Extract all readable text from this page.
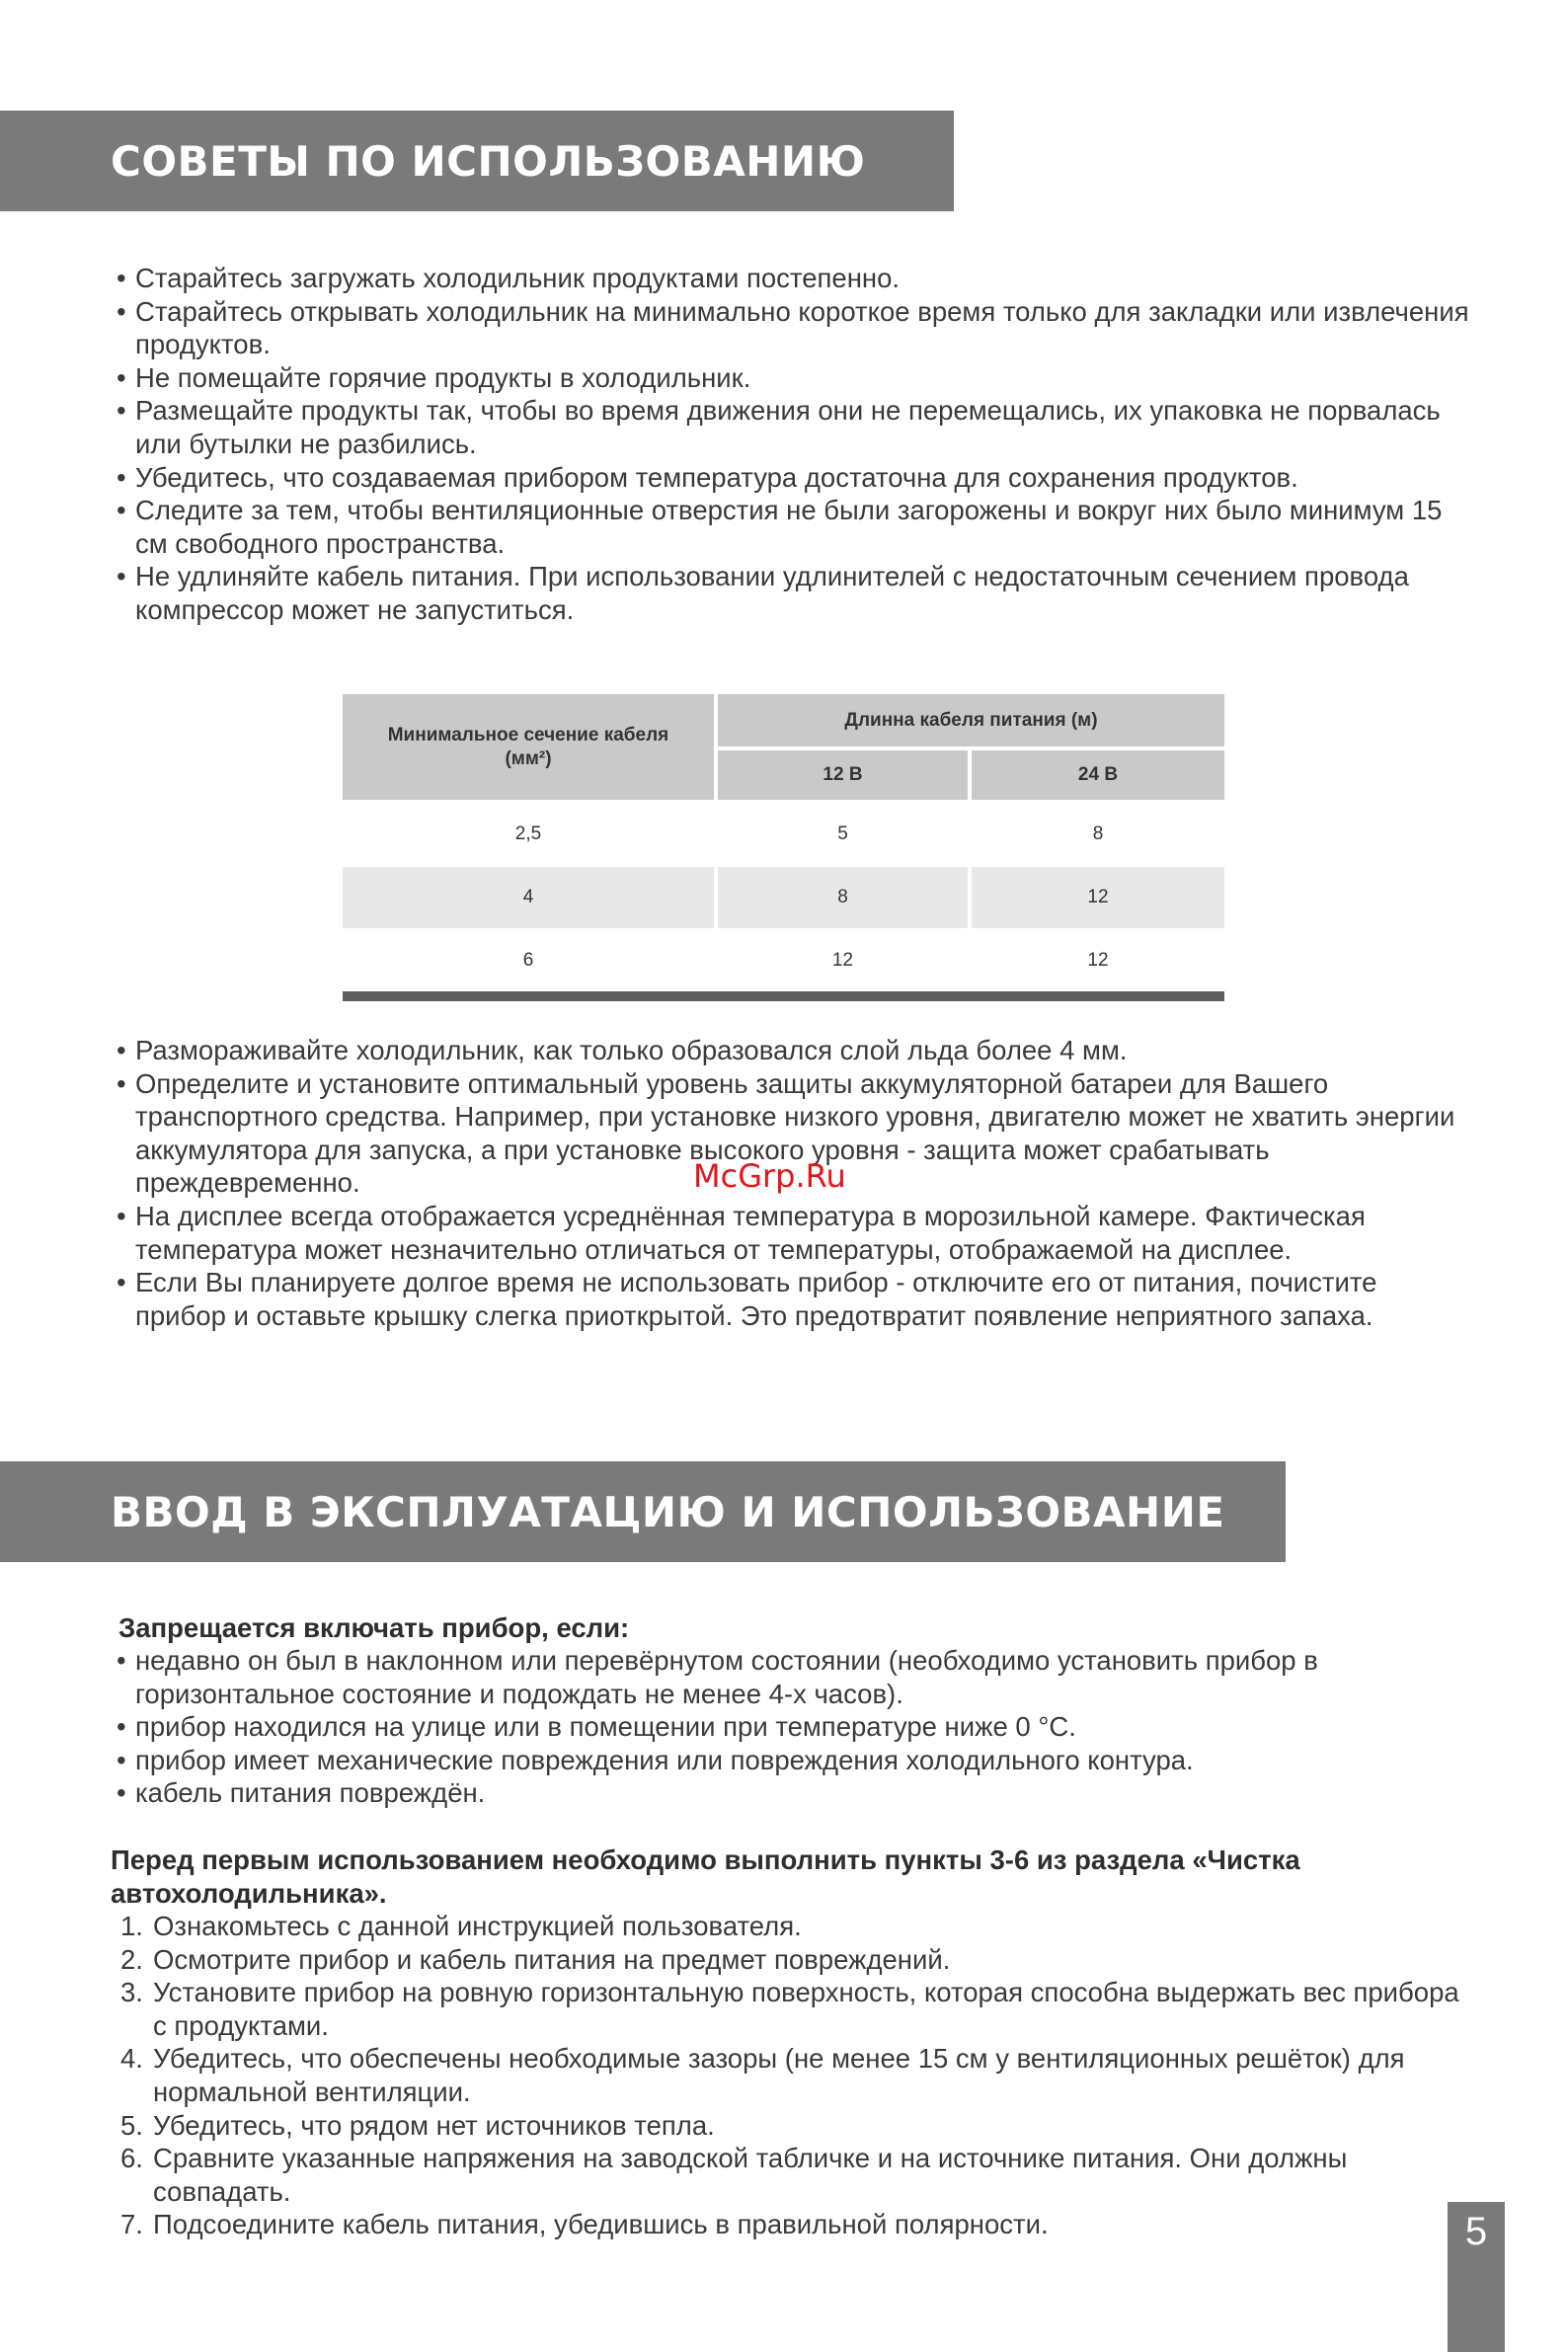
СОВЕТЫ ПО ИСПОЛЬЗОВАНИЮ
• Старайтесь загружать холодильник продуктами постепенно.
• Старайтесь открывать холодильник на минимально короткое время только для закладки или извлечения продуктов.
• Не помещайте горячие продукты в холодильник.
• Размещайте продукты так, чтобы во время движения они не перемещались, их упаковка не порвалась или бутылки не разбились.
• Убедитесь, что создаваемая прибором температура достаточна для сохранения продуктов.
• Следите за тем, чтобы вентиляционные отверстия не были загорожены и вокруг них было минимум 15 см свободного пространства.
• Не удлиняйте кабель питания. При использовании удлинителей с недостаточным сечением провода компрессор может не запуститься.
Минимальное сечение кабеля (мм²)
Длинна кабеля питания (м)
12 В	24 В
2,5	5	8
4	8	12
6	12	12
• Размораживайте холодильник, как только образовался слой льда более 4 мм.
• Определите и установите оптимальный уровень защиты аккумуляторной батареи для Вашего транспортного средства. Например, при установке низкого уровня, двигателю может не хватить энергии аккумулятора для запуска, а при установке высокого уровня - защита может срабатывать преждевременно.
• На дисплее всегда отображается усреднённая температура в морозильной камере. Фактическая температура может незначительно отличаться от температуры, отображаемой на дисплее.
• Если Вы планируете долгое время не использовать прибор - отключите его от питания, почистите прибор и оставьте крышку слегка приоткрытой. Это предотвратит появление неприятного запаха.
McGrp.Ru
ВВОД В ЭКСПЛУАТАЦИЮ И ИСПОЛЬЗОВАНИЕ
Запрещается включать прибор, если:
• недавно он был в наклонном или перевёрнутом состоянии (необходимо установить прибор в горизонтальное состояние и подождать не менее 4-х часов).
• прибор находился на улице или в помещении при температуре ниже 0 °С.
• прибор имеет механические повреждения или повреждения холодильного контура.
• кабель питания повреждён.
Перед первым использованием необходимо выполнить пункты 3-6 из раздела «Чистка автохолодильника».
1. Ознакомьтесь с данной инструкцией пользователя.
2. Осмотрите прибор и кабель питания на предмет повреждений.
3. Установите прибор на ровную горизонтальную поверхность, которая способна выдержать вес прибора с продуктами.
4. Убедитесь, что обеспечены необходимые зазоры (не менее 15 см у вентиляционных решёток) для нормальной вентиляции.
5. Убедитесь, что рядом нет источников тепла.
6. Сравните указанные напряжения на заводской табличке и на источнике питания. Они должны совпадать.
7. Подсоедините кабель питания, убедившись в правильной полярности.	5
